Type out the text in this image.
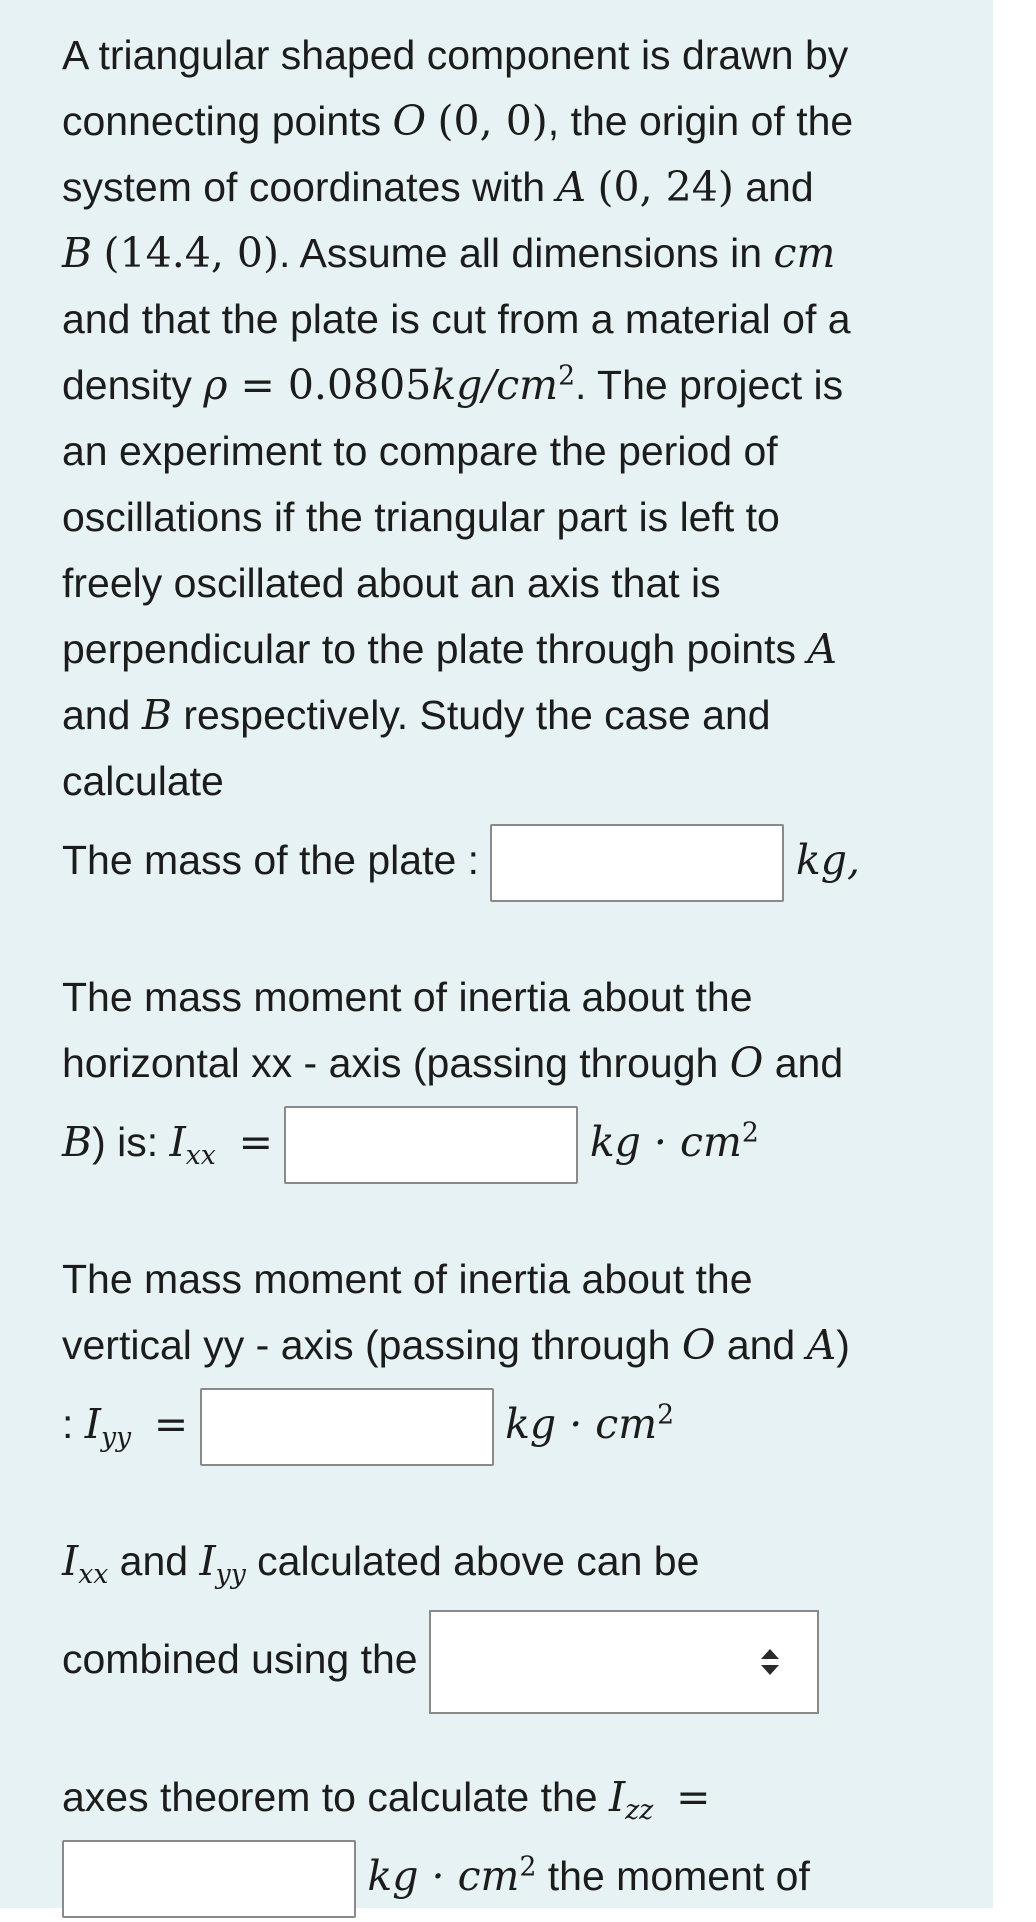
A triangular shaped component is drawn by
connecting points O (0, 0), the origin of the
system of coordinates with A (0, 24) and
B (14.4, 0). Assume all dimensions in cm
and that the plate is cut from a material of a
density $\rho = 0.0805kg/cm^2$. The project is
an experiment to compare the period of
oscillations if the triangular part is left to
freely oscillated about an axis that is
perpendicular to the plate through points A
and B respectively. Study the case and
calculate

The mass of the plate :	kg,

The mass moment of inertia about the
horizontal xx - axis (passing through O and

B) is: $I_{xx}$ =	kg · $cm^2$

The mass moment of inertia about the
vertical yy - axis (passing through O and A)

: $I_{yy}$ =	kg · $cm^2$

$I_{xx}$ and $I_{yy}$ calculated above can be

combined using the

axes theorem to calculate the $I_{zz}$ =

kg · $cm^2$ the moment of
